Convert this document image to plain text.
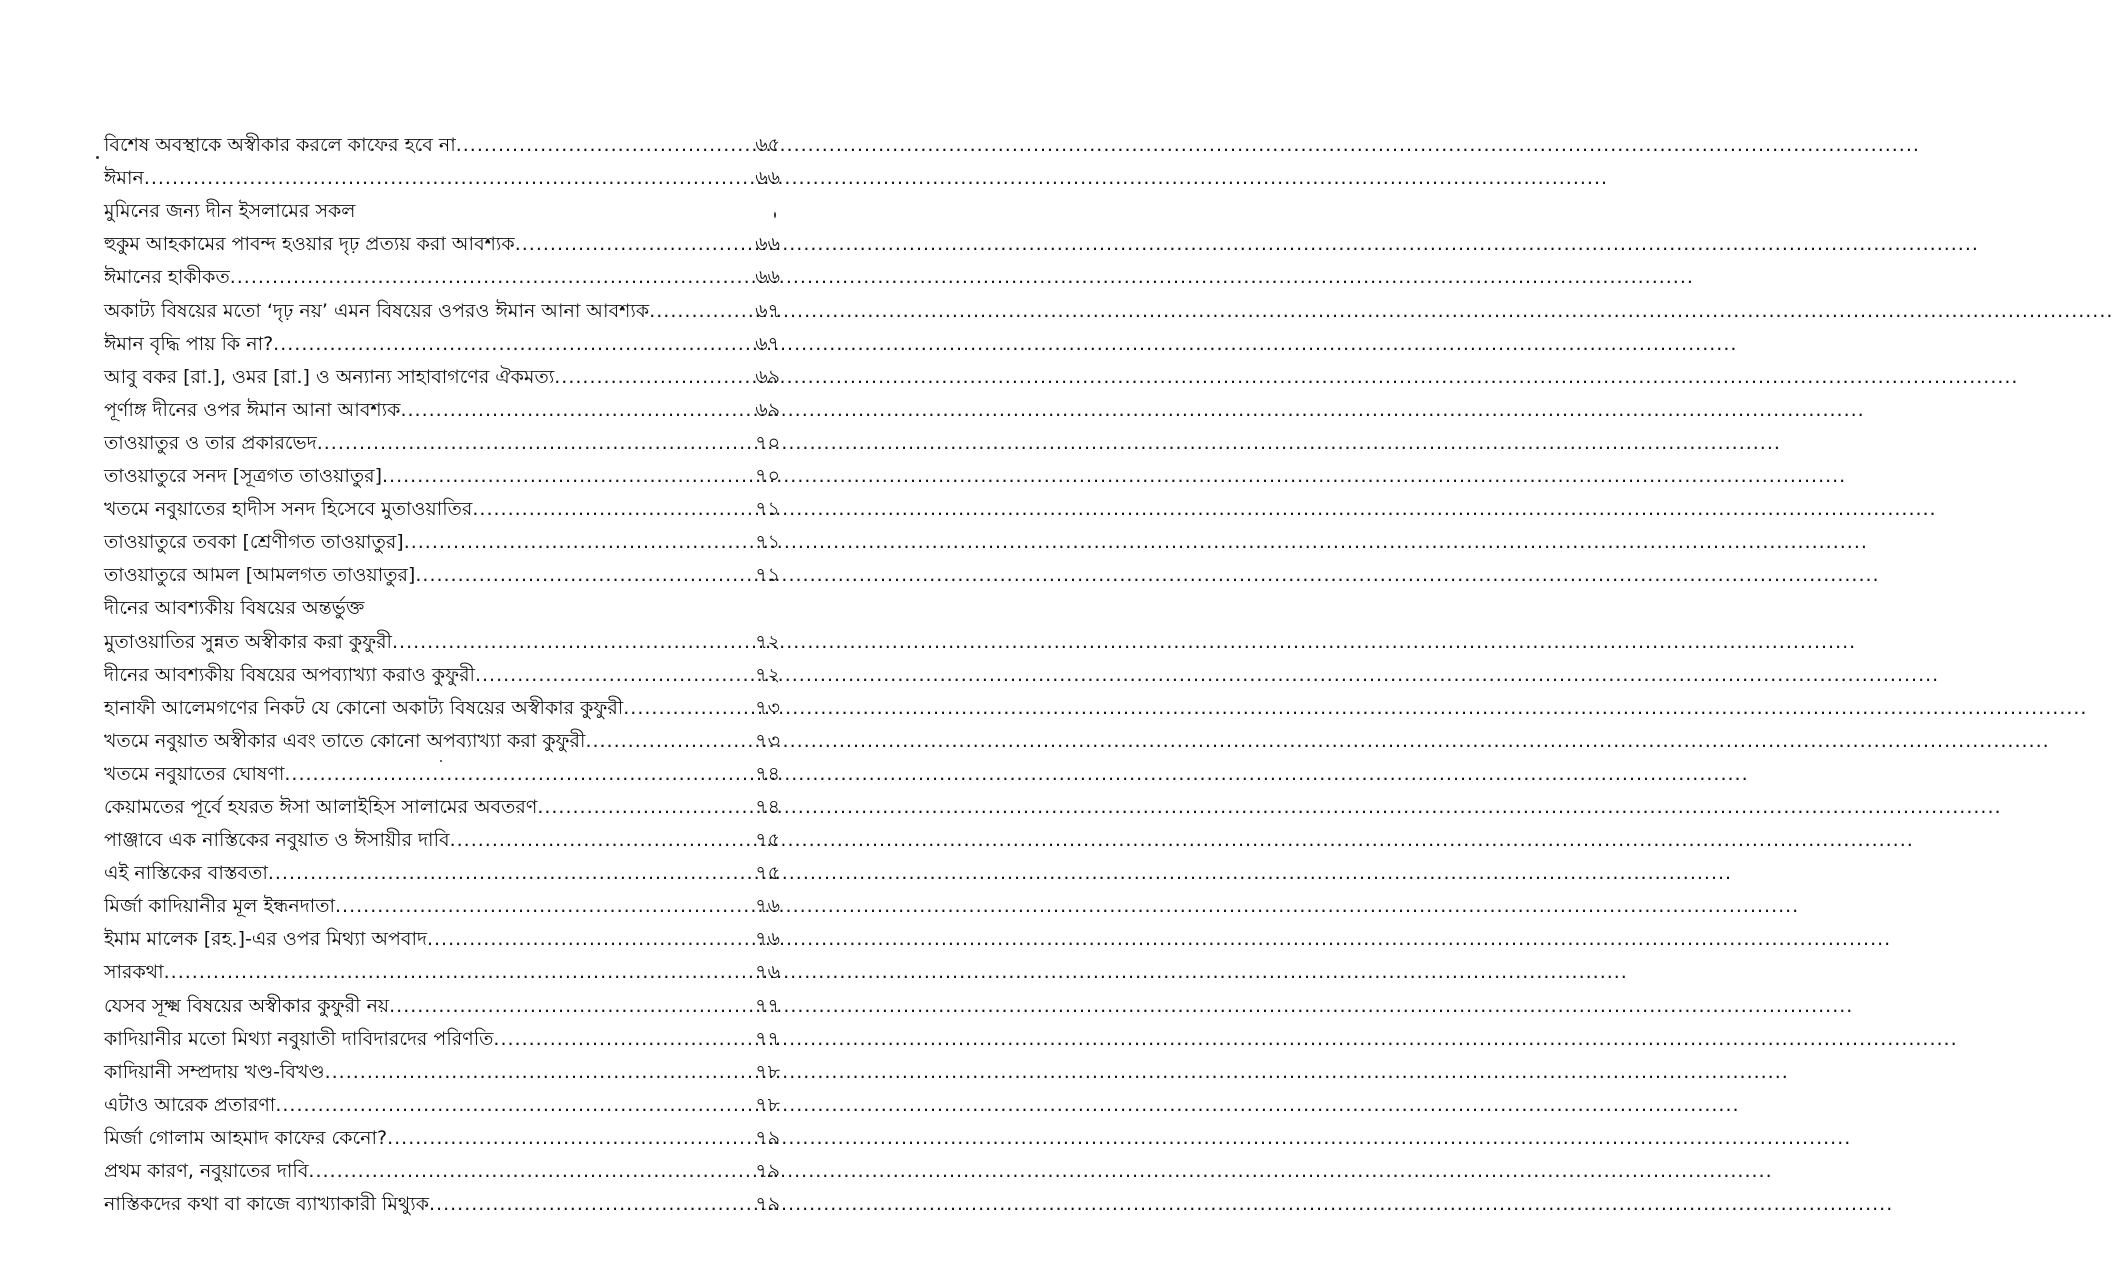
বিশেষ অবস্থাকে অস্বীকার করলে কাফের হবে না .....	৬৫
ঈমান .....	৬৬
মুমিনের জন্য দীন ইসলামের সকল
হুকুম আহকামের পাবন্দ হওয়ার দৃঢ় প্রত্যয় করা আবশ্যক .....	৬৬
ঈমানের হাকীকত .....	৬৬
অকাট্য বিষয়ের মতো ‘দৃঢ় নয়’ এমন বিষয়ের ওপরও ঈমান আনা আবশ্যক .....	৬৭
ঈমান বৃদ্ধি পায় কি না? .....	৬৭
আবু বকর [রা.], ওমর [রা.] ও অন্যান্য সাহাবাগণের ঐকমত্য .....	৬৯
পূর্ণাঙ্গ দীনের ওপর ঈমান আনা আবশ্যক .....	৬৯
তাওয়াতুর ও তার প্রকারভেদ .....	৭০
তাওয়াতুরে সনদ [সূত্রগত তাওয়াতুর] .....	৭০
খতমে নবুয়াতের হাদীস সনদ হিসেবে মুতাওয়াতির .....	৭১
তাওয়াতুরে তবকা [শ্রেণীগত তাওয়াতুর] .....	৭১
তাওয়াতুরে আমল [আমলগত তাওয়াতুর] .....	৭১
দীনের আবশ্যকীয় বিষয়ের অন্তর্ভুক্ত
মুতাওয়াতির সুন্নত অস্বীকার করা কুফুরী .....	৭২
দীনের আবশ্যকীয় বিষয়ের অপব্যাখ্যা করাও কুফুরী .....	৭২
হানাফী আলেমগণের নিকট যে কোনো অকাট্য বিষয়ের অস্বীকার কুফুরী .....	৭৩
খতমে নবুয়াত অস্বীকার এবং তাতে কোনো অপব্যাখ্যা করা কুফুরী .....	৭৩
খতমে নবুয়াতের ঘোষণা .....	৭৪
কেয়ামতের পূর্বে হযরত ঈসা আলাইহিস সালামের অবতরণ .....	৭৪
পাঞ্জাবে এক নাস্তিকের নবুয়াত ও ঈসায়ীর দাবি .....	৭৫
এই নাস্তিকের বাস্তবতা .....	৭৫
মির্জা কাদিয়ানীর মূল ইন্ধনদাতা .....	৭৬
ইমাম মালেক [রহ.]-এর ওপর মিথ্যা অপবাদ .....	৭৬
সারকথা .....	৭৬
যেসব সূক্ষ্ম বিষয়ের অস্বীকার কুফুরী নয় .....	৭৭
কাদিয়ানীর মতো মিথ্যা নবুয়াতী দাবিদারদের পরিণতি .....	৭৭
কাদিয়ানী সম্প্রদায় খণ্ড-বিখণ্ড .....	৭৮
এটাও আরেক প্রতারণা .....	৭৮
মির্জা গোলাম আহমাদ কাফের কেনো? .....	৭৯
প্রথম কারণ, নবুয়াতের দাবি .....	৭৯
নাস্তিকদের কথা বা কাজে ব্যাখ্যাকারী মিথ্যুক .....	৭৯
